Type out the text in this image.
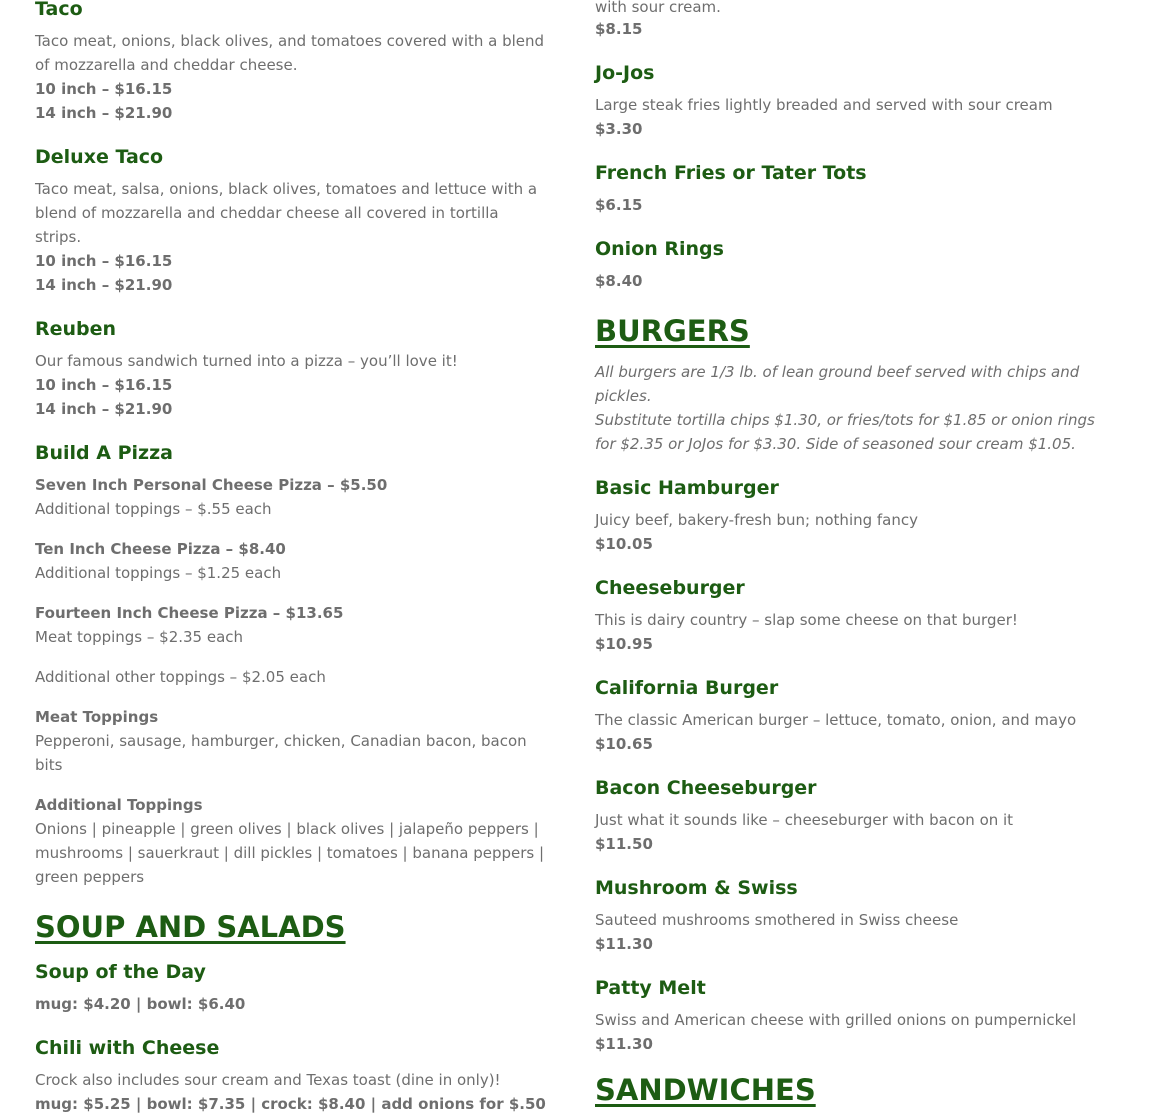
Taco
Taco meat, onions, black olives, and tomatoes covered with a blend
of mozzarella and cheddar cheese.
10 inch – $16.15
14 inch – $21.90
Deluxe Taco
Taco meat, salsa, onions, black olives, tomatoes and lettuce with a
blend of mozzarella and cheddar cheese all covered in tortilla
strips.
10 inch – $16.15
14 inch – $21.90
Reuben
Our famous sandwich turned into a pizza – you’ll love it!
10 inch – $16.15
14 inch – $21.90
Build A Pizza
Seven Inch Personal Cheese Pizza – $5.50
Additional toppings – $.55 each
Ten Inch Cheese Pizza – $8.40
Additional toppings – $1.25 each
Fourteen Inch Cheese Pizza – $13.65
Meat toppings – $2.35 each
Additional other toppings – $2.05 each
Meat Toppings
Pepperoni, sausage, hamburger, chicken, Canadian bacon, bacon
bits
Additional Toppings
Onions | pineapple | green olives | black olives | jalapeño peppers |
mushrooms | sauerkraut | dill pickles | tomatoes | banana peppers |
green peppers
SOUP AND SALADS
Soup of the Day
mug: $4.20 | bowl: $6.40
Chili with Cheese
Crock also includes sour cream and Texas toast (dine in only)!
mug: $5.25 | bowl: $7.35 | crock: $8.40 | add onions for $.50
with sour cream.
$8.15
Jo-Jos
Large steak fries lightly breaded and served with sour cream
$3.30
French Fries or Tater Tots
$6.15
Onion Rings
$8.40
BURGERS
All burgers are 1/3 lb. of lean ground beef served with chips and
pickles.
Substitute tortilla chips $1.30, or fries/tots for $1.85 or onion rings
for $2.35 or JoJos for $3.30. Side of seasoned sour cream $1.05.
Basic Hamburger
Juicy beef, bakery-fresh bun; nothing fancy
$10.05
Cheeseburger
This is dairy country – slap some cheese on that burger!
$10.95
California Burger
The classic American burger – lettuce, tomato, onion, and mayo
$10.65
Bacon Cheeseburger
Just what it sounds like – cheeseburger with bacon on it
$11.50
Mushroom & Swiss
Sauteed mushrooms smothered in Swiss cheese
$11.30
Patty Melt
Swiss and American cheese with grilled onions on pumpernickel
$11.30
SANDWICHES
